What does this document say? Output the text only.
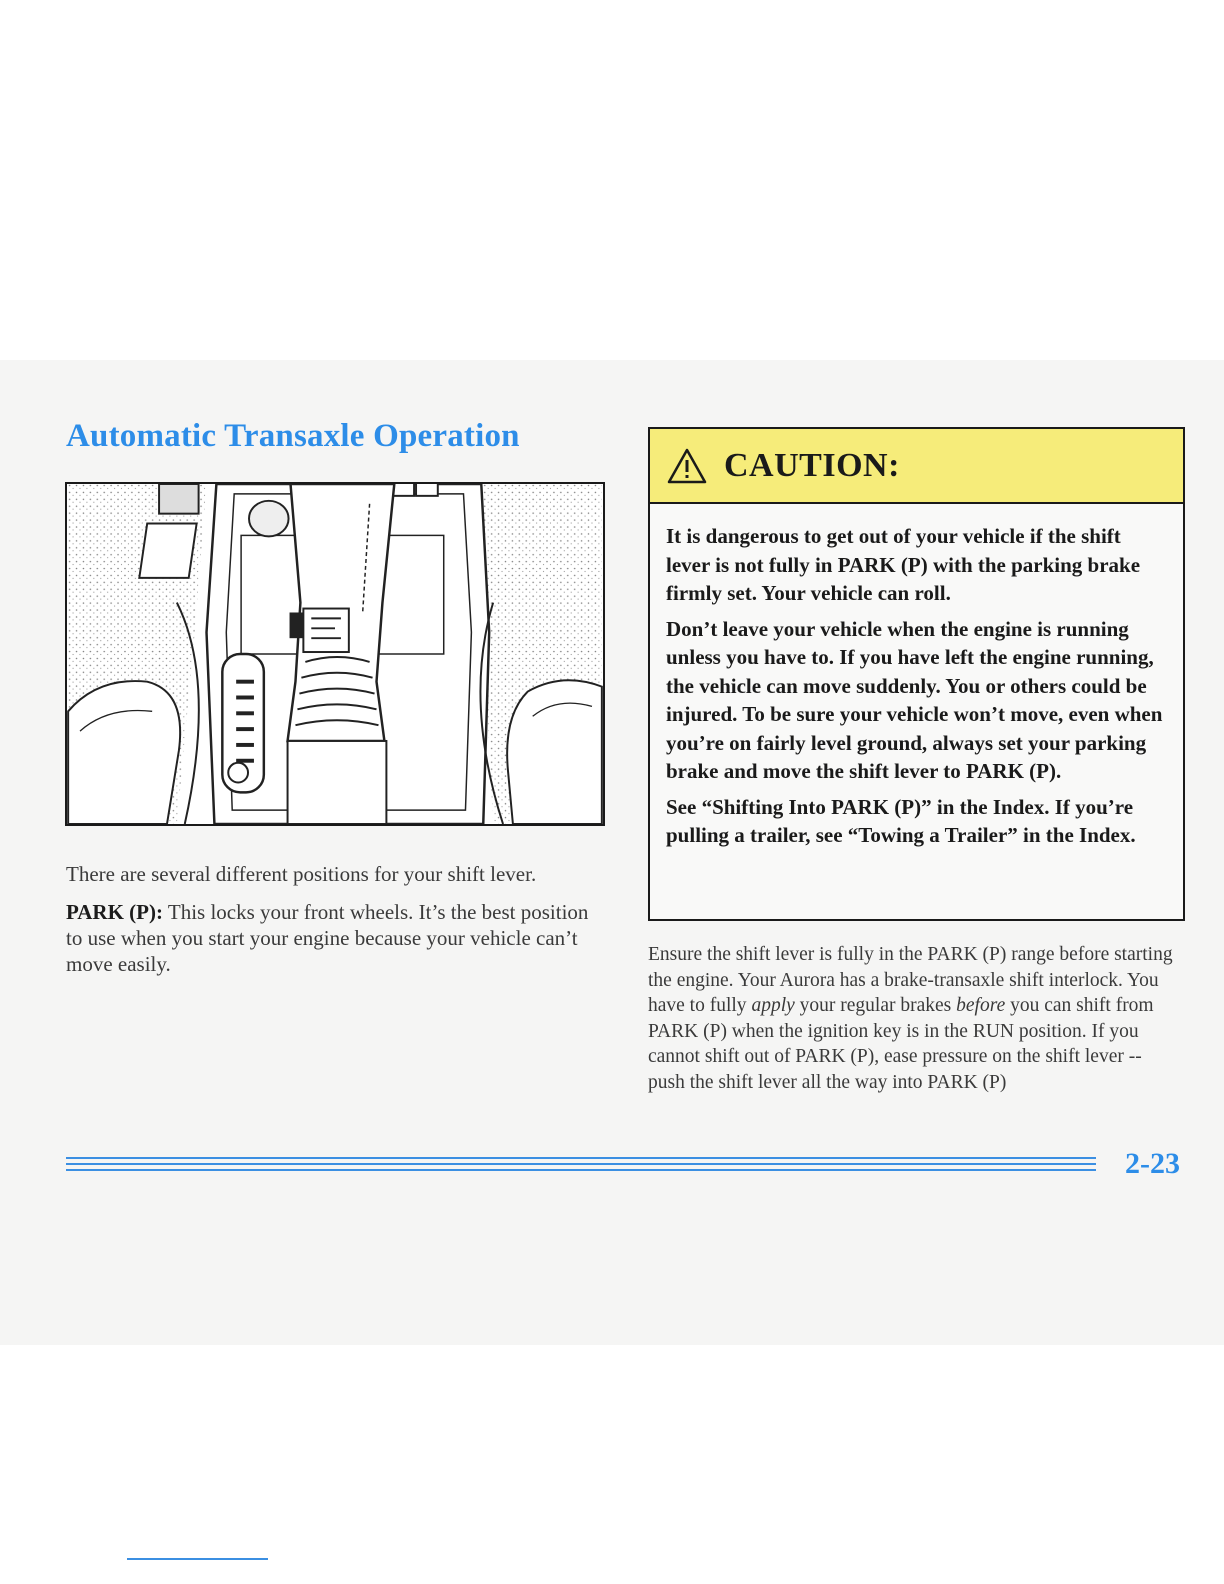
Automatic Transaxle Operation

There are several different positions for your shift lever.

PARK (P): This locks your front wheels. It’s the best position to use when you start your engine because your vehicle can’t move easily.

CAUTION:

It is dangerous to get out of your vehicle if the shift lever is not fully in PARK (P) with the parking brake firmly set. Your vehicle can roll.

Don’t leave your vehicle when the engine is running unless you have to. If you have left the engine running, the vehicle can move suddenly. You or others could be injured. To be sure your vehicle won’t move, even when you’re on fairly level ground, always set your parking brake and move the shift lever to PARK (P).

See “Shifting Into PARK (P)” in the Index. If you’re pulling a trailer, see “Towing a Trailer” in the Index.

Ensure the shift lever is fully in the PARK (P) range before starting the engine. Your Aurora has a brake-transaxle shift interlock. You have to fully apply your regular brakes before you can shift from PARK (P) when the ignition key is in the RUN position. If you cannot shift out of PARK (P), ease pressure on the shift lever -- push the shift lever all the way into PARK (P)

2-23
